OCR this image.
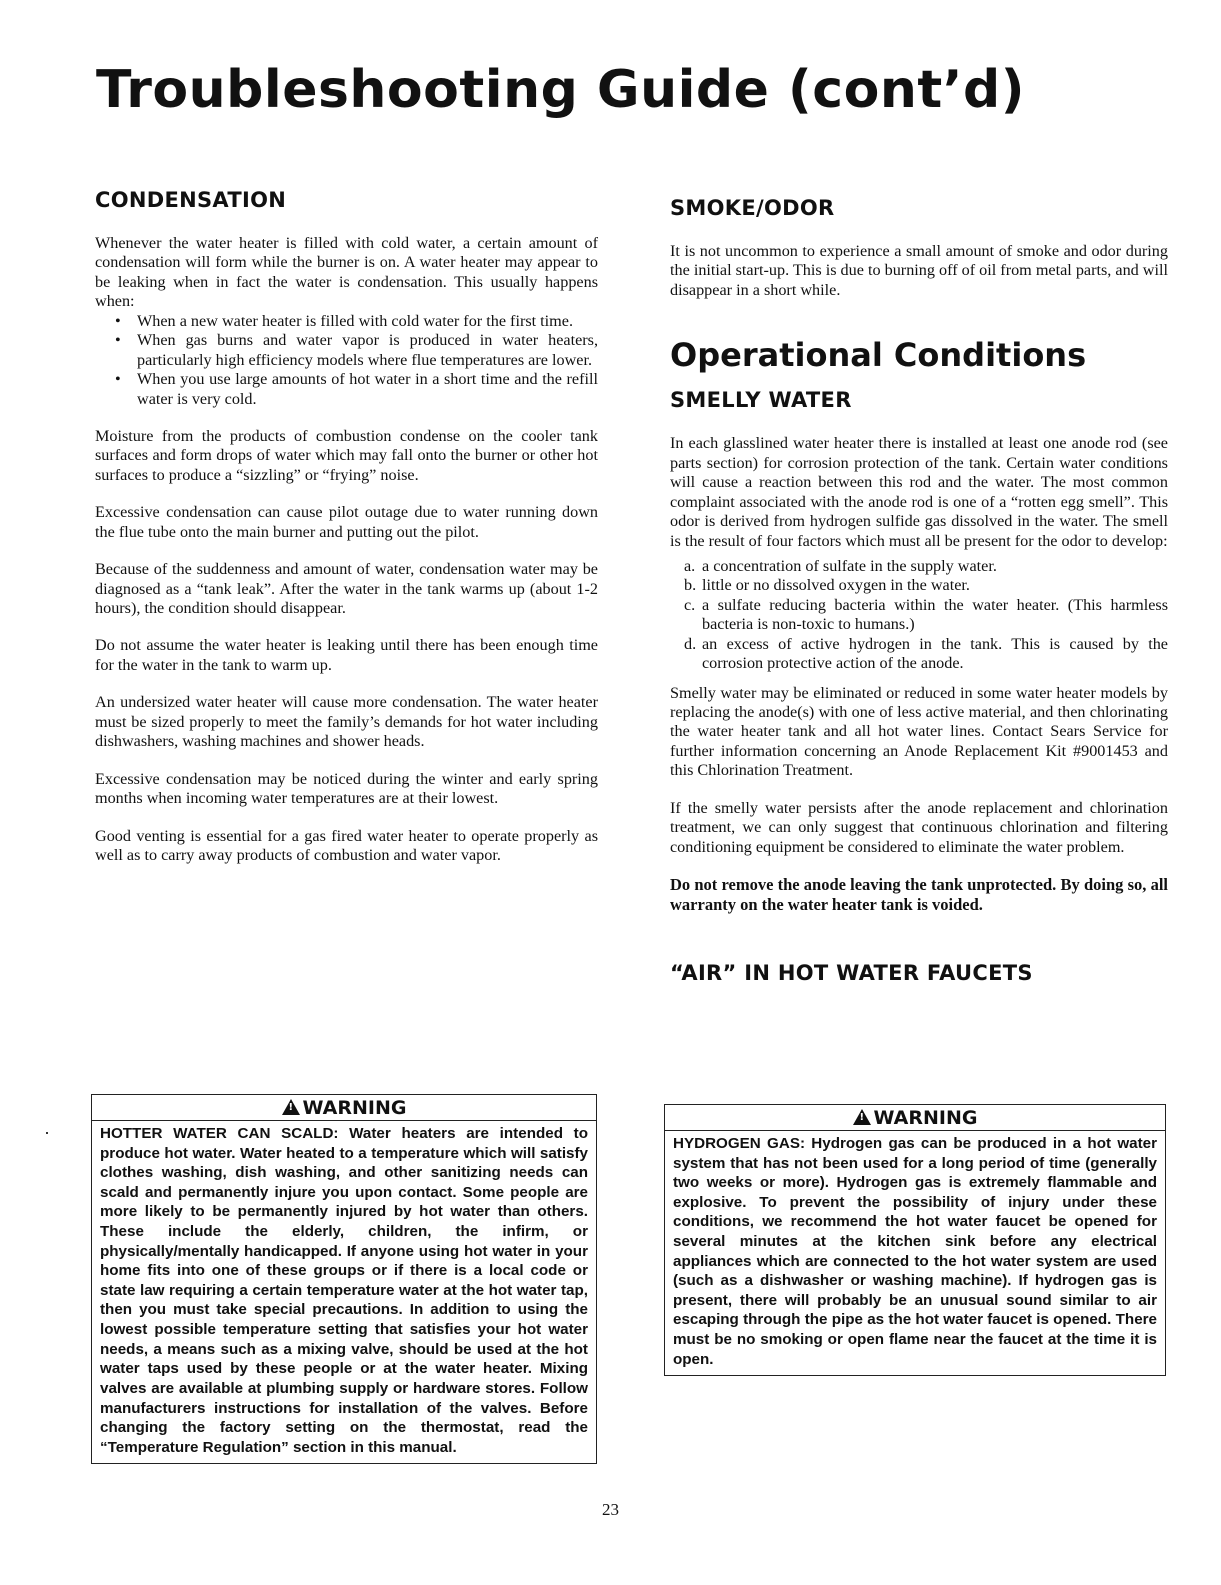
Troubleshooting Guide (cont’d)
CONDENSATION

Whenever the water heater is filled with cold water, a certain amount of condensation will form while the burner is on. A water heater may appear to be leaking when in fact the water is condensation. This usually happens when:

• When a new water heater is filled with cold water for the first time.
• When gas burns and water vapor is produced in water heaters, particularly high efficiency models where flue temperatures are lower.
• When you use large amounts of hot water in a short time and the refill water is very cold.

Moisture from the products of combustion condense on the cooler tank surfaces and form drops of water which may fall onto the burner or other hot surfaces to produce a “sizzling” or “frying” noise.

Excessive condensation can cause pilot outage due to water running down the flue tube onto the main burner and putting out the pilot.

Because of the suddenness and amount of water, condensation water may be diagnosed as a “tank leak”. After the water in the tank warms up (about 1-2 hours), the condition should disappear.

Do not assume the water heater is leaking until there has been enough time for the water in the tank to warm up.

An undersized water heater will cause more condensation. The water heater must be sized properly to meet the family’s demands for hot water including dishwashers, washing machines and shower heads.

Excessive condensation may be noticed during the winter and early spring months when incoming water temperatures are at their lowest.

Good venting is essential for a gas fired water heater to operate properly as well as to carry away products of combustion and water vapor.

!WARNING

HOTTER WATER CAN SCALD: Water heaters are intended to produce hot water. Water heated to a temperature which will satisfy clothes washing, dish washing, and other sanitizing needs can scald and permanently injure you upon contact. Some people are more likely to be permanently injured by hot water than others. These include the elderly, children, the infirm, or physically/mentally handicapped. If anyone using hot water in your home fits into one of these groups or if there is a local code or state law requiring a certain temperature water at the hot water tap, then you must take special precautions. In addition to using the lowest possible temperature setting that satisfies your hot water needs, a means such as a mixing valve, should be used at the hot water taps used by these people or at the water heater. Mixing valves are available at plumbing supply or hardware stores. Follow manufacturers instructions for installation of the valves. Before changing the factory setting on the thermostat, read the “Temperature Regulation” section in this manual.

SMOKE/ODOR

It is not uncommon to experience a small amount of smoke and odor during the initial start-up. This is due to burning off of oil from metal parts, and will disappear in a short while.

Operational Conditions
SMELLY WATER

In each glasslined water heater there is installed at least one anode rod (see parts section) for corrosion protection of the tank. Certain water conditions will cause a reaction between this rod and the water. The most common complaint associated with the anode rod is one of a “rotten egg smell”. This odor is derived from hydrogen sulfide gas dissolved in the water. The smell is the result of four factors which must all be present for the odor to develop:

a. a concentration of sulfate in the supply water.
b. little or no dissolved oxygen in the water.
c. a sulfate reducing bacteria within the water heater. (This harmless bacteria is non-toxic to humans.)
d. an excess of active hydrogen in the tank. This is caused by the corrosion protective action of the anode.

Smelly water may be eliminated or reduced in some water heater models by replacing the anode(s) with one of less active material, and then chlorinating the water heater tank and all hot water lines. Contact Sears Service for further information concerning an Anode Replacement Kit #9001453 and this Chlorination Treatment.

If the smelly water persists after the anode replacement and chlorination treatment, we can only suggest that continuous chlorination and filtering conditioning equipment be considered to eliminate the water problem.

Do not remove the anode leaving the tank unprotected. By doing so, all warranty on the water heater tank is voided.

“AIR” IN HOT WATER FAUCETS
!WARNING

HYDROGEN GAS: Hydrogen gas can be produced in a hot water system that has not been used for a long period of time (generally two weeks or more). Hydrogen gas is extremely flammable and explosive. To prevent the possibility of injury under these conditions, we recommend the hot water faucet be opened for several minutes at the kitchen sink before any electrical appliances which are connected to the hot water system are used (such as a dishwasher or washing machine). If hydrogen gas is present, there will probably be an unusual sound similar to air escaping through the pipe as the hot water faucet is opened. There must be no smoking or open flame near the faucet at the time it is open.

23
